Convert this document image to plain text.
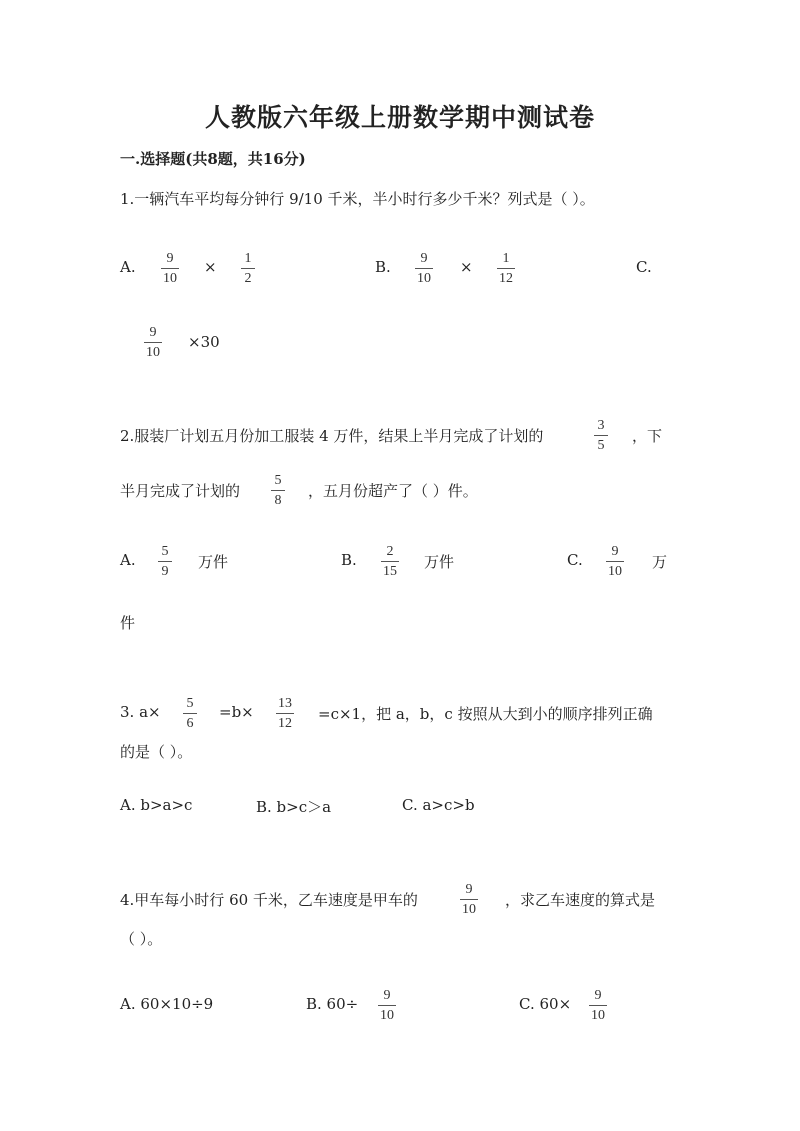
人教版六年级上册数学期中测试卷
一.选择题(共8题，共16分)
1.一辆汽车平均每分钟行 9/10 千米，半小时行多少千米？列式是（ ）。
A. 9
10
× 1
2
B. 9
10
× 1
12
C.
9
10
×30
2.服装厂计划五月份加工服装 4 万件，结果上半月完成了计划的
3
5
，下
半月完成了计划的
5
8
，五月份超产了（ ）件。
A. 5
9
万件	B. 2
15
万件	C. 9
10
万
件
3. a× 5
6
=b× 13
12
=c×1，把 a，b，c 按照从大到小的顺序排列正确
的是（ ）。
A. b>a>c	B. b>c＞a	C. a>c>b
4.甲车每小时行 60 千米，乙车速度是甲车的
9
10
，求乙车速度的算式是
（ ）。
A. 60×10÷9	B. 60÷ 9
10
C. 60× 9
10
